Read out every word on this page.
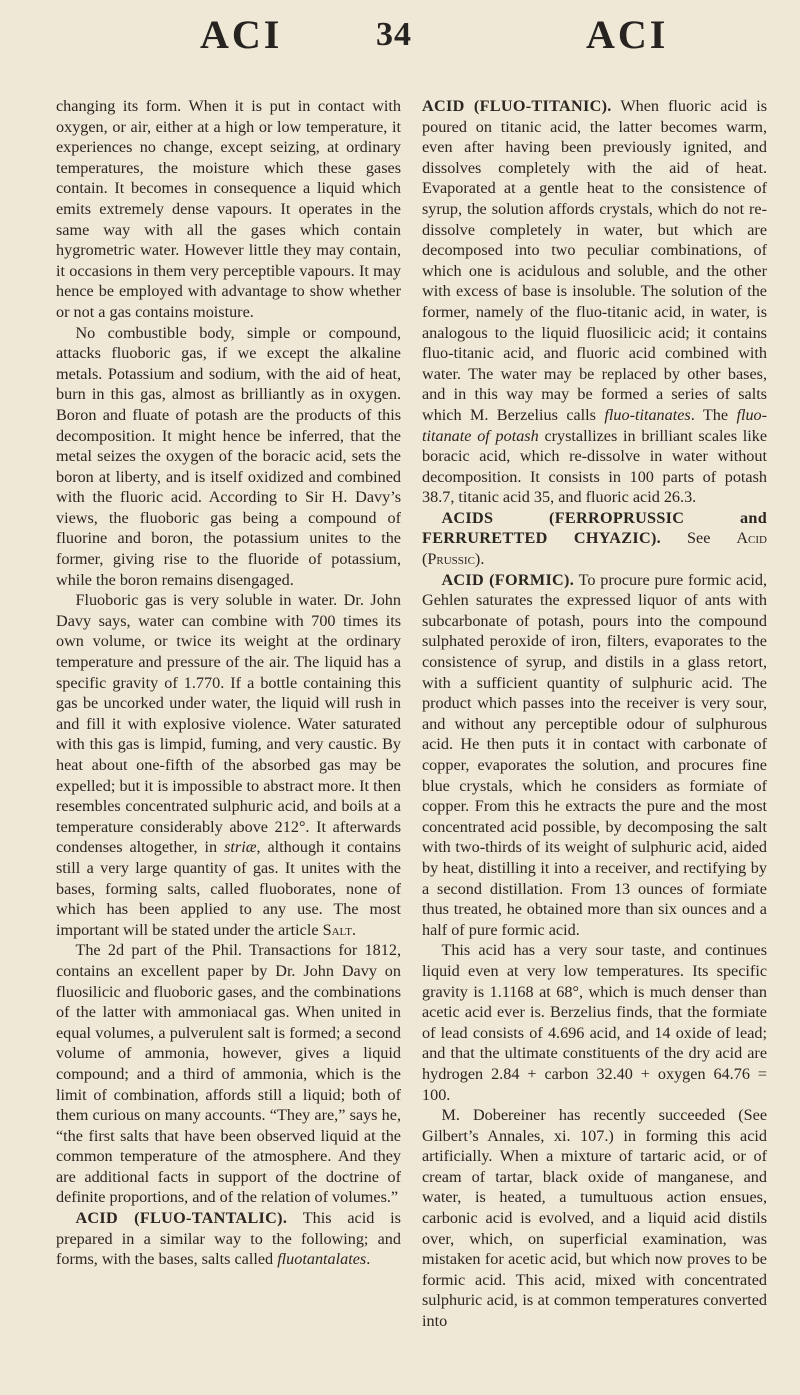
ACI	34	ACI

changing its form. When it is put in contact with oxygen, or air, either at a high or low temperature, it experiences no change, except seizing, at ordinary temperatures, the moisture which these gases contain. It becomes in consequence a liquid which emits extremely dense vapours. It operates in the same way with all the gases which contain hygrometric water. However little they may contain, it occasions in them very perceptible vapours. It may hence be employed with advantage to show whether or not a gas contains moisture.

No combustible body, simple or compound, attacks fluoboric gas, if we except the alkaline metals. Potassium and sodium, with the aid of heat, burn in this gas, almost as brilliantly as in oxygen. Boron and fluate of potash are the products of this decomposition. It might hence be inferred, that the metal seizes the oxygen of the boracic acid, sets the boron at liberty, and is itself oxidized and combined with the fluoric acid. According to Sir H. Davy’s views, the fluoboric gas being a compound of fluorine and boron, the potassium unites to the former, giving rise to the fluoride of potassium, while the boron remains disengaged.

Fluoboric gas is very soluble in water. Dr. John Davy says, water can combine with 700 times its own volume, or twice its weight at the ordinary temperature and pressure of the air. The liquid has a specific gravity of 1.770. If a bottle containing this gas be uncorked under water, the liquid will rush in and fill it with explosive violence. Water saturated with this gas is limpid, fuming, and very caustic. By heat about one-fifth of the absorbed gas may be expelled; but it is impossible to abstract more. It then resembles concentrated sulphuric acid, and boils at a temperature considerably above 212°. It afterwards condenses altogether, in striæ, although it contains still a very large quantity of gas. It unites with the bases, forming salts, called fluoborates, none of which has been applied to any use. The most important will be stated under the article Salt.

The 2d part of the Phil. Transactions for 1812, contains an excellent paper by Dr. John Davy on fluosilicic and fluoboric gases, and the combinations of the latter with ammoniacal gas. When united in equal volumes, a pulverulent salt is formed; a second volume of ammonia, however, gives a liquid compound; and a third of ammonia, which is the limit of combination, affords still a liquid; both of them curious on many accounts. “They are,” says he, “the first salts that have been observed liquid at the common temperature of the atmosphere. And they are additional facts in support of the doctrine of definite proportions, and of the relation of volumes.”

ACID (FLUO-TANTALIC). This acid is prepared in a similar way to the following; and forms, with the bases, salts called fluotantalates.

ACID (FLUO-TITANIC). When fluoric acid is poured on titanic acid, the latter becomes warm, even after having been previously ignited, and dissolves completely with the aid of heat. Evaporated at a gentle heat to the consistence of syrup, the solution affords crystals, which do not re-dissolve completely in water, but which are decomposed into two peculiar combinations, of which one is acidulous and soluble, and the other with excess of base is insoluble. The solution of the former, namely of the fluo-titanic acid, in water, is analogous to the liquid fluosilicic acid; it contains fluo-titanic acid, and fluoric acid combined with water. The water may be replaced by other bases, and in this way may be formed a series of salts which M. Berzelius calls fluo-titanates. The fluo-titanate of potash crystallizes in brilliant scales like boracic acid, which re-dissolve in water without decomposition. It consists in 100 parts of potash 38.7, titanic acid 35, and fluoric acid 26.3.

ACIDS (FERROPRUSSIC and FERRURETTED CHYAZIC). See Acid (Prussic).

ACID (FORMIC). To procure pure formic acid, Gehlen saturates the expressed liquor of ants with subcarbonate of potash, pours into the compound sulphated peroxide of iron, filters, evaporates to the consistence of syrup, and distils in a glass retort, with a sufficient quantity of sulphuric acid. The product which passes into the receiver is very sour, and without any perceptible odour of sulphurous acid. He then puts it in contact with carbonate of copper, evaporates the solution, and procures fine blue crystals, which he considers as formiate of copper. From this he extracts the pure and the most concentrated acid possible, by decomposing the salt with two-thirds of its weight of sulphuric acid, aided by heat, distilling it into a receiver, and rectifying by a second distillation. From 13 ounces of formiate thus treated, he obtained more than six ounces and a half of pure formic acid.

This acid has a very sour taste, and continues liquid even at very low temperatures. Its specific gravity is 1.1168 at 68°, which is much denser than acetic acid ever is. Berzelius finds, that the formiate of lead consists of 4.696 acid, and 14 oxide of lead; and that the ultimate constituents of the dry acid are hydrogen 2.84 + carbon 32.40 + oxygen 64.76 = 100.

M. Dobereiner has recently succeeded (See Gilbert’s Annales, xi. 107.) in forming this acid artificially. When a mixture of tartaric acid, or of cream of tartar, black oxide of manganese, and water, is heated, a tumultuous action ensues, carbonic acid is evolved, and a liquid acid distils over, which, on superficial examination, was mistaken for acetic acid, but which now proves to be formic acid. This acid, mixed with concentrated sulphuric acid, is at common temperatures converted into
